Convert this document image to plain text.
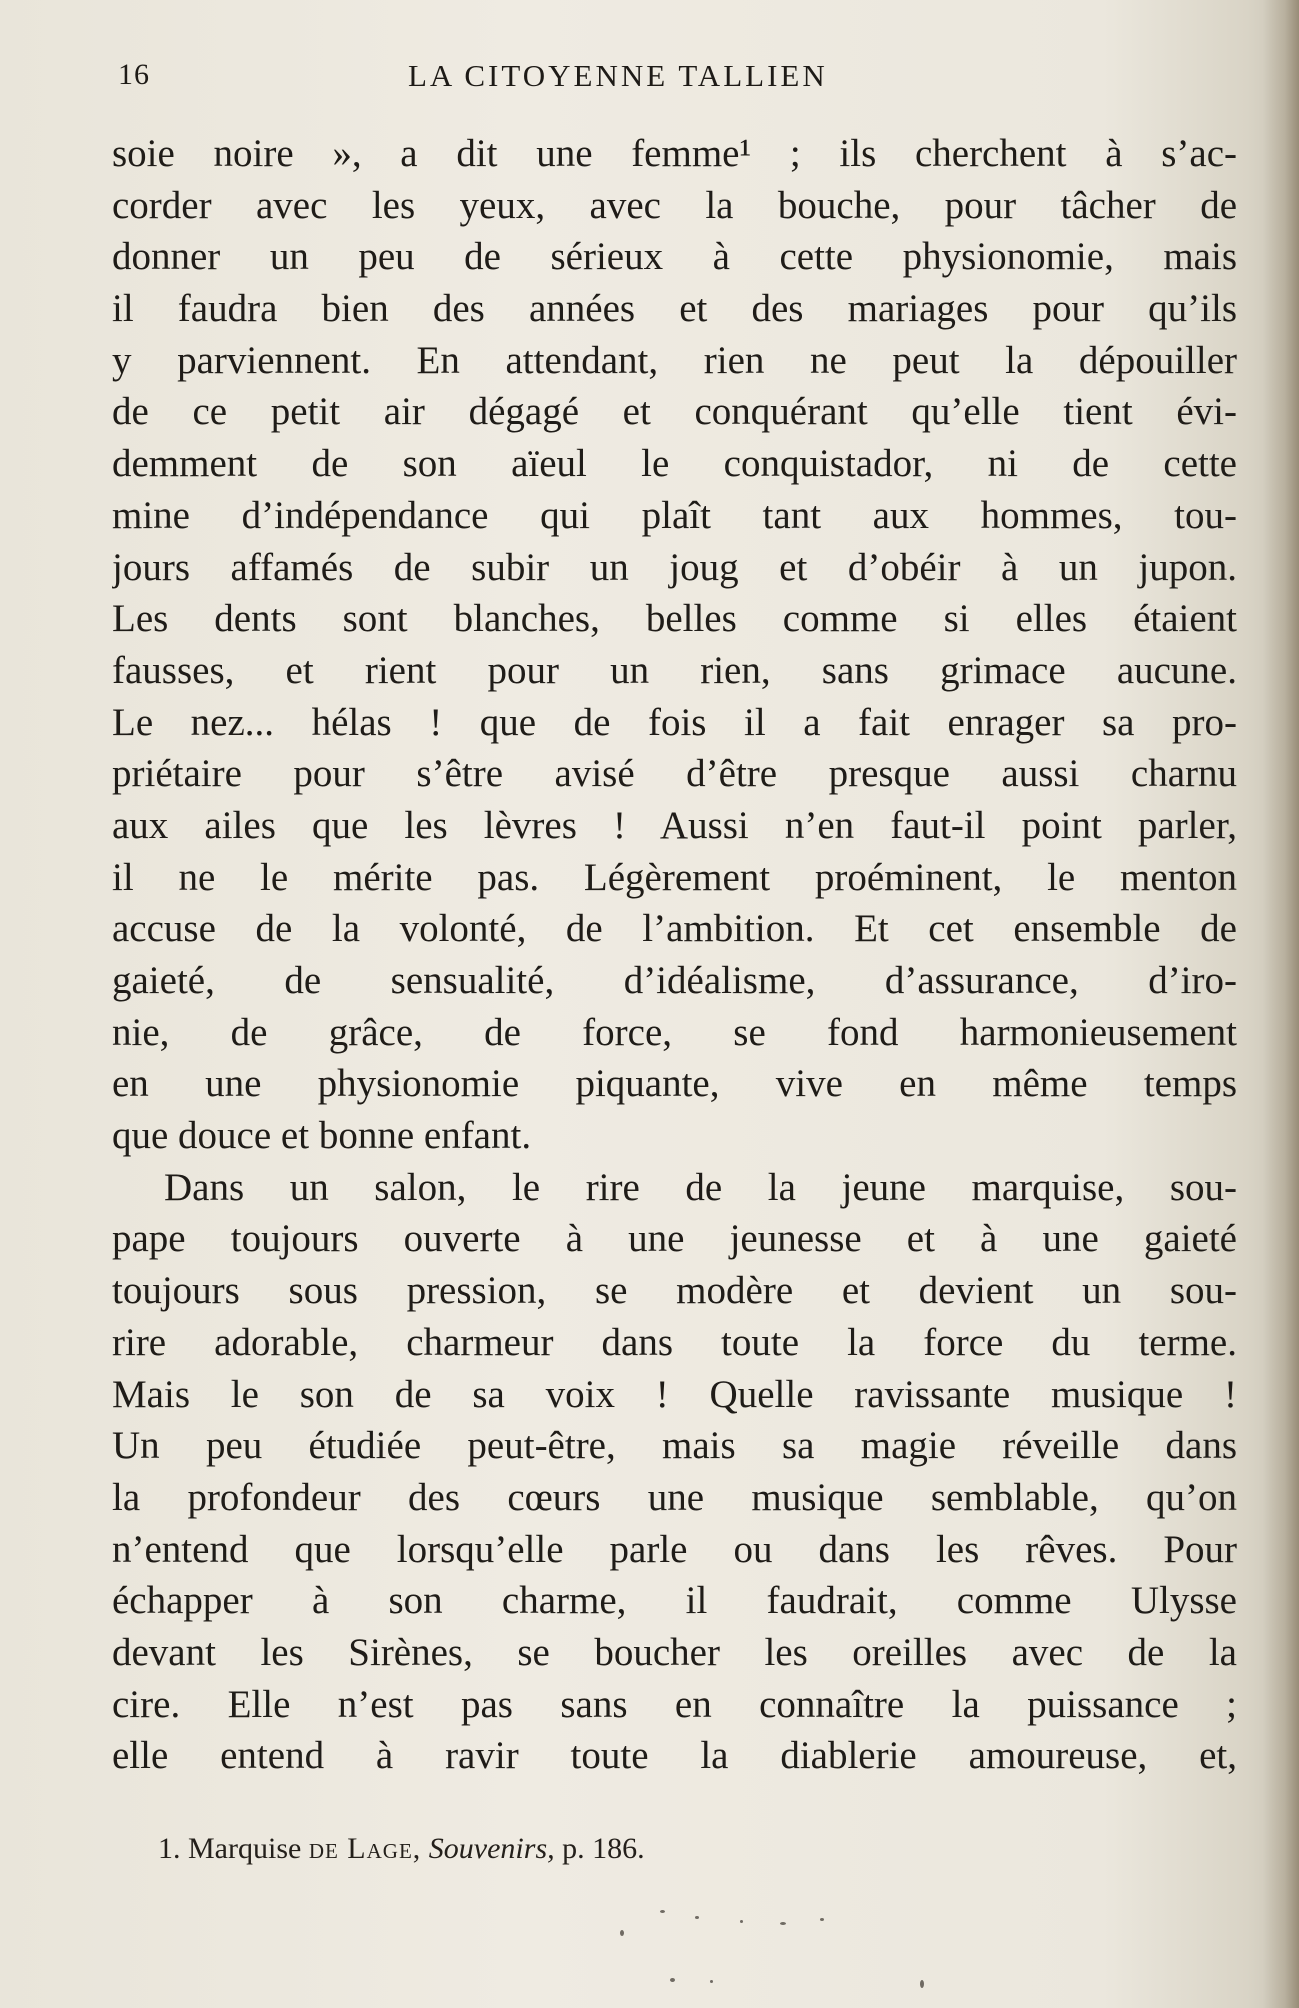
16	LA CITOYENNE TALLIEN
soie noire », a dit une femme¹ ; ils cherchent à s’ac-
corder avec les yeux, avec la bouche, pour tâcher de
donner un peu de sérieux à cette physionomie, mais
il faudra bien des années et des mariages pour qu’ils
y parviennent. En attendant, rien ne peut la dépouiller
de ce petit air dégagé et conquérant qu’elle tient évi-
demment de son aïeul le conquistador, ni de cette
mine d’indépendance qui plaît tant aux hommes, tou-
jours affamés de subir un joug et d’obéir à un jupon.
Les dents sont blanches, belles comme si elles étaient
fausses, et rient pour un rien, sans grimace aucune.
Le nez... hélas ! que de fois il a fait enrager sa pro-
priétaire pour s’être avisé d’être presque aussi charnu
aux ailes que les lèvres ! Aussi n’en faut-il point parler,
il ne le mérite pas. Légèrement proéminent, le menton
accuse de la volonté, de l’ambition. Et cet ensemble de
gaieté, de sensualité, d’idéalisme, d’assurance, d’iro-
nie, de grâce, de force, se fond harmonieusement
en une physionomie piquante, vive en même temps
que douce et bonne enfant.
Dans un salon, le rire de la jeune marquise, sou-
pape toujours ouverte à une jeunesse et à une gaieté
toujours sous pression, se modère et devient un sou-
rire adorable, charmeur dans toute la force du terme.
Mais le son de sa voix ! Quelle ravissante musique !
Un peu étudiée peut-être, mais sa magie réveille dans
la profondeur des cœurs une musique semblable, qu’on
n’entend que lorsqu’elle parle ou dans les rêves. Pour
échapper à son charme, il faudrait, comme Ulysse
devant les Sirènes, se boucher les oreilles avec de la
cire. Elle n’est pas sans en connaître la puissance ;
elle entend à ravir toute la diablerie amoureuse, et,
1. Marquise de Lage, Souvenirs, p. 186.
